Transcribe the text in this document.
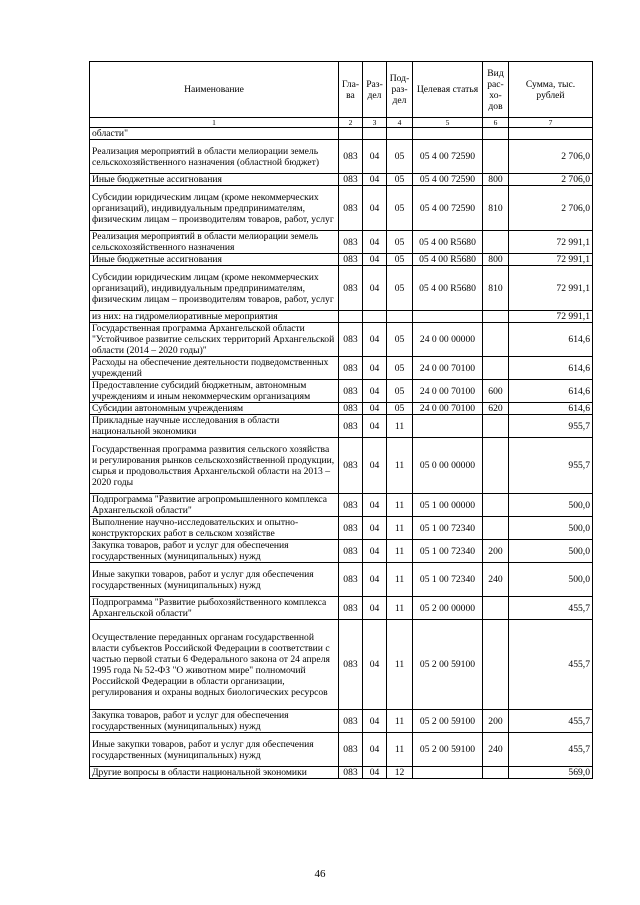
Наименование	Гла-ва	Раз-дел	Под-раз-дел	Целевая статья	Вид рас-хо-дов	Сумма, тыс. рублей
1	2	3	4	5	6	7
области"						
Реализация мероприятий в области мелиорации земель сельскохозяйственного назначения (областной бюджет)	083	04	05	05 4 00 72590		2 706,0
Иные бюджетные ассигнования	083	04	05	05 4 00 72590	800	2 706,0
Субсидии юридическим лицам (кроме некоммерческих организаций), индивидуальным предпринимателям, физическим лицам – производителям товаров, работ, услуг	083	04	05	05 4 00 72590	810	2 706,0
Реализация мероприятий в области мелиорации земель сельскохозяйственного назначения	083	04	05	05 4 00 R5680		72 991,1
Иные бюджетные ассигнования	083	04	05	05 4 00 R5680	800	72 991,1
Субсидии юридическим лицам (кроме некоммерческих организаций), индивидуальным предпринимателям, физическим лицам – производителям товаров, работ, услуг	083	04	05	05 4 00 R5680	810	72 991,1
из них: на гидромелиоративные мероприятия						72 991,1
Государственная программа Архангельской области "Устойчивое развитие сельских территорий Архангельской области (2014 – 2020 годы)"	083	04	05	24 0 00 00000		614,6
Расходы на обеспечение деятельности подведомственных учреждений	083	04	05	24 0 00 70100		614,6
Предоставление субсидий бюджетным, автономным учреждениям и иным некоммерческим организациям	083	04	05	24 0 00 70100	600	614,6
Субсидии автономным учреждениям	083	04	05	24 0 00 70100	620	614,6
Прикладные научные исследования в области национальной экономики	083	04	11			955,7
Государственная программа развития сельского хозяйства и регулирования рынков сельскохозяйственной продукции, сырья и продовольствия Архангельской области на 2013 – 2020 годы	083	04	11	05 0 00 00000		955,7
Подпрограмма "Развитие агропромышленного комплекса Архангельской области"	083	04	11	05 1 00 00000		500,0
Выполнение научно-исследовательских и опытно-конструкторских работ в сельском хозяйстве	083	04	11	05 1 00 72340		500,0
Закупка товаров, работ и услуг для обеспечения государственных (муниципальных) нужд	083	04	11	05 1 00 72340	200	500,0
Иные закупки товаров, работ и услуг для обеспечения государственных (муниципальных) нужд	083	04	11	05 1 00 72340	240	500,0
Подпрограмма "Развитие рыбохозяйственного комплекса Архангельской области"	083	04	11	05 2 00 00000		455,7
Осуществление переданных органам государственной власти субъектов Российской Федерации в соответствии с частью первой статьи 6 Федерального закона от 24 апреля 1995 года № 52-ФЗ "О животном мире" полномочий Российской Федерации в области организации, регулирования и охраны водных биологических ресурсов	083	04	11	05 2 00 59100		455,7
Закупка товаров, работ и услуг для обеспечения государственных (муниципальных) нужд	083	04	11	05 2 00 59100	200	455,7
Иные закупки товаров, работ и услуг для обеспечения государственных (муниципальных) нужд	083	04	11	05 2 00 59100	240	455,7
Другие вопросы в области национальной экономики	083	04	12			569,0
46
